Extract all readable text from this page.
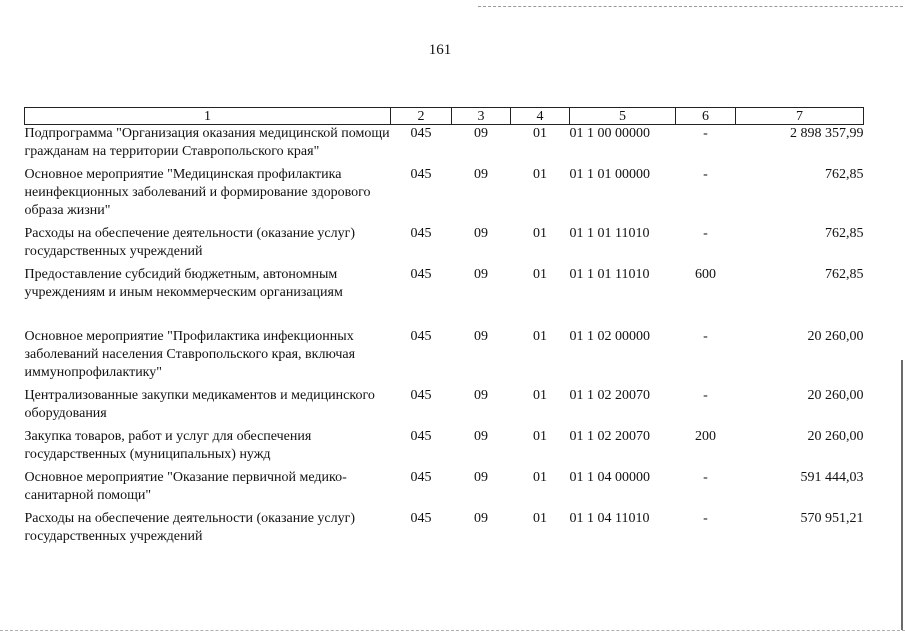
161
1	2	3	4	5	6	7
Подпрограмма "Организация оказания медицинской помощи гражданам на территории Ставропольского края"	045	09	01	01 1 00 00000	-	2 898 357,99
Основное мероприятие "Медицинская профилактика неинфекционных заболеваний и формирование здорового образа жизни"	045	09	01	01 1 01 00000	-	762,85
Расходы на обеспечение деятельности (оказание услуг) государственных учреждений	045	09	01	01 1 01 11010	-	762,85
Предоставление субсидий бюджетным, автономным учреждениям и иным некоммерческим организациям	045	09	01	01 1 01 11010	600	762,85
Основное мероприятие "Профилактика инфекционных заболеваний населения Ставропольского края, включая иммунопрофилактику"	045	09	01	01 1 02 00000	-	20 260,00
Централизованные закупки медикаментов и медицинского оборудования	045	09	01	01 1 02 20070	-	20 260,00
Закупка товаров, работ и услуг для обеспечения государственных (муниципальных) нужд	045	09	01	01 1 02 20070	200	20 260,00
Основное мероприятие "Оказание первичной медико-санитарной помощи"	045	09	01	01 1 04 00000	-	591 444,03
Расходы на обеспечение деятельности (оказание услуг) государственных учреждений	045	09	01	01 1 04 11010	-	570 951,21
